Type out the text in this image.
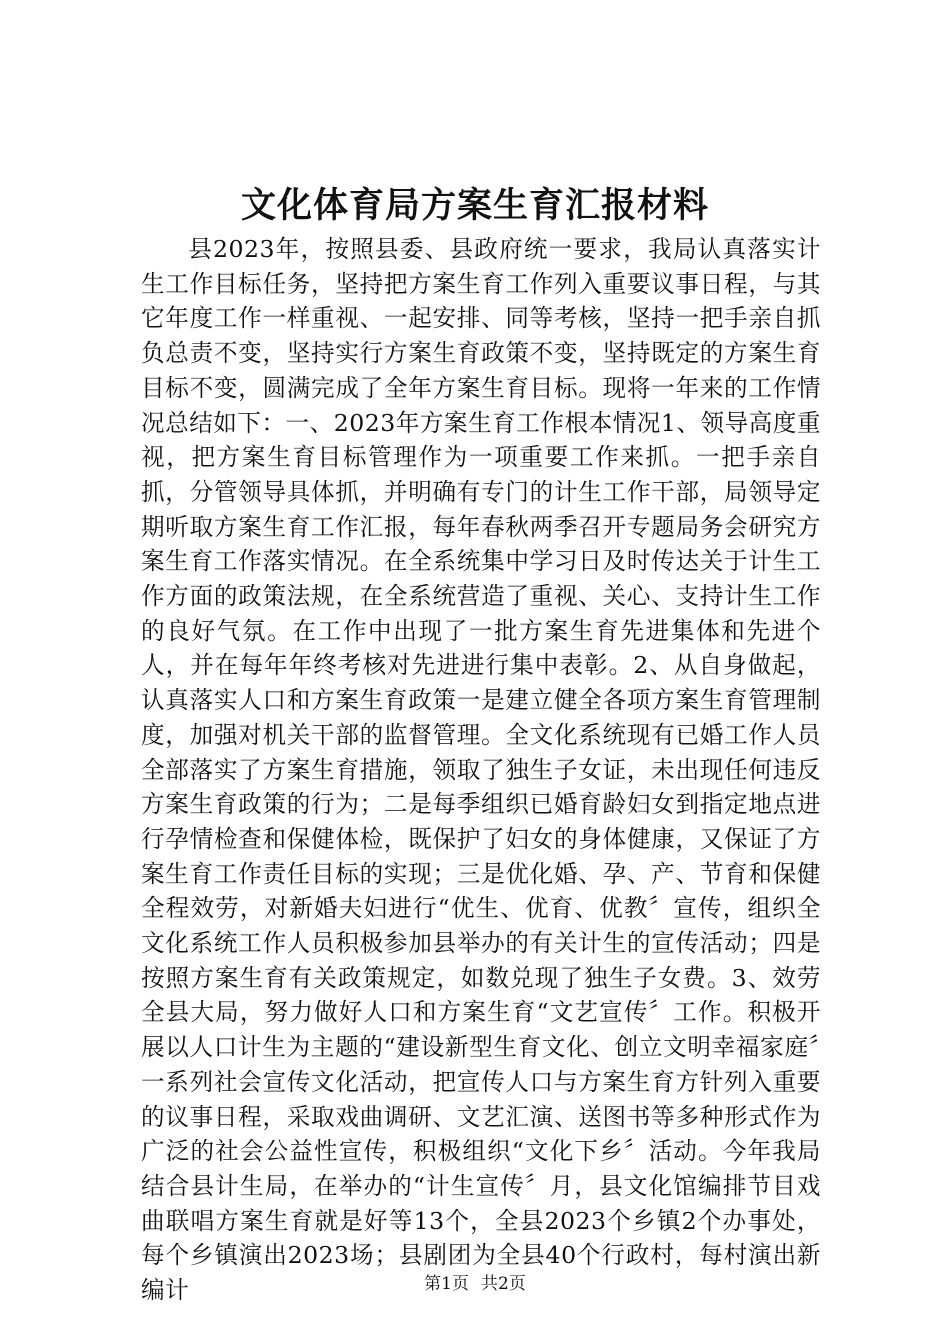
文化体育局方案生育汇报材料

县2023年，按照县委、县政府统一要求，我局认真落实计生工作目标任务，坚持把方案生育工作列入重要议事日程，与其它年度工作一样重视、一起安排、同等考核，坚持一把手亲自抓负总责不变，坚持实行方案生育政策不变，坚持既定的方案生育目标不变，圆满完成了全年方案生育目标。现将一年来的工作情况总结如下：一、2023年方案生育工作根本情况1、领导高度重视，把方案生育目标管理作为一项重要工作来抓。一把手亲自抓，分管领导具体抓，并明确有专门的计生工作干部，局领导定期听取方案生育工作汇报，每年春秋两季召开专题局务会研究方案生育工作落实情况。在全系统集中学习日及时传达关于计生工作方面的政策法规，在全系统营造了重视、关心、支持计生工作的良好气氛。在工作中出现了一批方案生育先进集体和先进个人，并在每年年终考核对先进进行集中表彰。2、从自身做起，认真落实人口和方案生育政策一是建立健全各项方案生育管理制度，加强对机关干部的监督管理。全文化系统现有已婚工作人员全部落实了方案生育措施，领取了独生子女证，未出现任何违反方案生育政策的行为；二是每季组织已婚育龄妇女到指定地点进行孕情检查和保健体检，既保护了妇女的身体健康，又保证了方案生育工作责任目标的实现；三是优化婚、孕、产、节育和保健全程效劳，对新婚夫妇进行“优生、优育、优教〞宣传，组织全文化系统工作人员积极参加县举办的有关计生的宣传活动；四是按照方案生育有关政策规定，如数兑现了独生子女费。3、效劳全县大局，努力做好人口和方案生育“文艺宣传〞工作。积极开展以人口计生为主题的“建设新型生育文化、创立文明幸福家庭〞一系列社会宣传文化活动，把宣传人口与方案生育方针列入重要的议事日程，采取戏曲调研、文艺汇演、送图书等多种形式作为广泛的社会公益性宣传，积极组织“文化下乡〞活动。今年我局结合县计生局，在举办的“计生宣传〞月，县文化馆编排节目戏曲联唱方案生育就是好等13个，全县2023个乡镇2个办事处，每个乡镇演出2023场；县剧团为全县40个行政村，每村演出新编计	第1页 共2页
